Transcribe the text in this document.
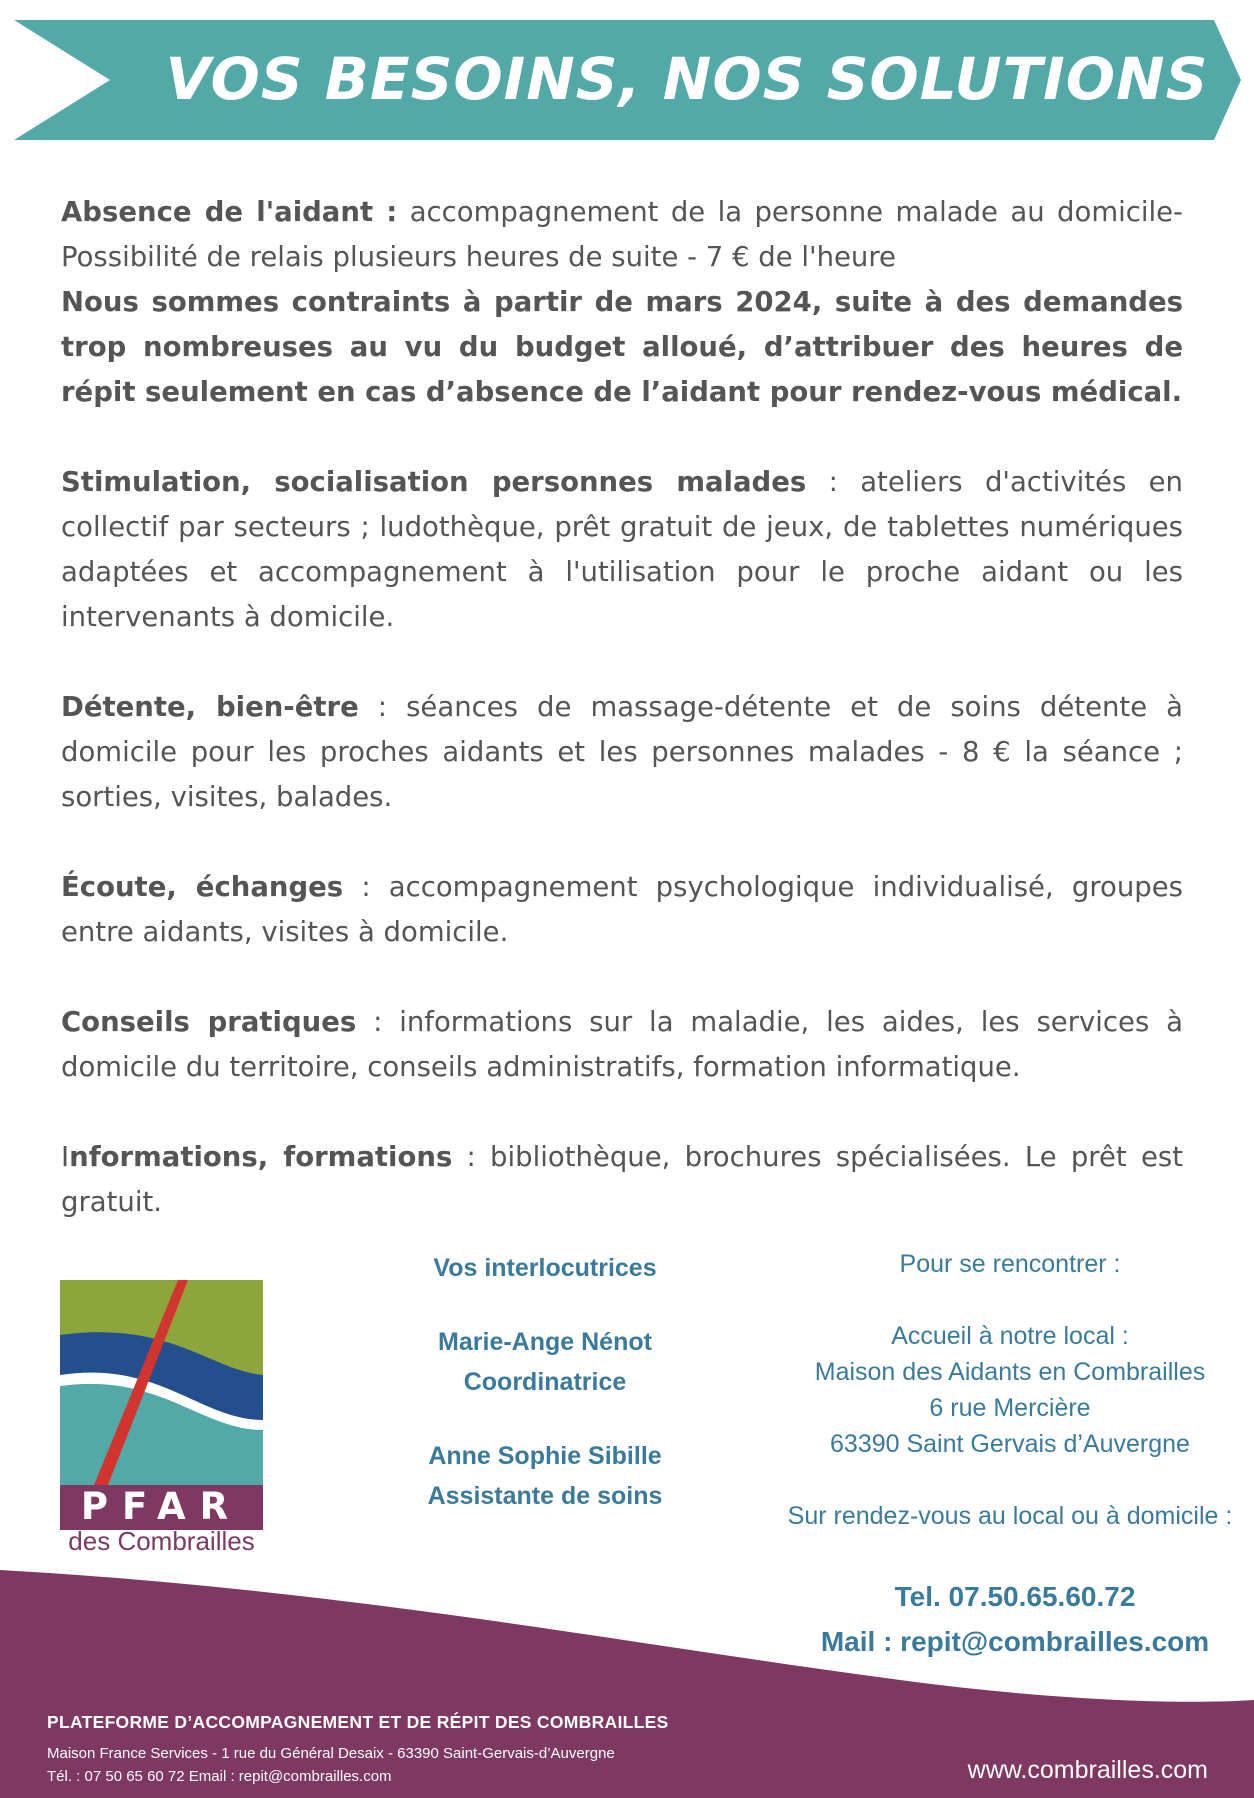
VOS BESOINS, NOS SOLUTIONS

Absence de l'aidant : accompagnement de la personne malade au domicile- Possibilité de relais plusieurs heures de suite - 7 € de l'heure
Nous sommes contraints à partir de mars 2024, suite à des demandes trop nombreuses au vu du budget alloué, d’attribuer des heures de répit seulement en cas d’absence de l’aidant pour rendez-vous médical.

Stimulation, socialisation personnes malades : ateliers d'activités en collectif par secteurs ; ludothèque, prêt gratuit de jeux, de tablettes numériques adaptées et accompagnement à l'utilisation pour le proche aidant ou les intervenants à domicile.

Détente, bien-être : séances de massage-détente et de soins détente à domicile pour les proches aidants et les personnes malades - 8 € la séance ; sorties, visites, balades.

Écoute, échanges : accompagnement psychologique individualisé, groupes entre aidants, visites à domicile.

Conseils pratiques : informations sur la maladie, les aides, les services à domicile du territoire, conseils administratifs, formation informatique.

Informations, formations : bibliothèque, brochures spécialisées. Le prêt est gratuit.

PFAR
des Combrailles
Vos interlocutrices
Marie-Ange Nénot
Coordinatrice
Anne Sophie Sibille
Assistante de soins
Pour se rencontrer :
Accueil à notre local :
Maison des Aidants en Combrailles
6 rue Mercière
63390 Saint Gervais d’Auvergne
Sur rendez-vous au local ou à domicile :
PLATEFORME D’ACCOMPAGNEMENT ET DE RÉPIT DES COMBRAILLES
Maison France Services - 1 rue du Général Desaix - 63390 Saint-Gervais-d’Auvergne
Tél. : 07 50 65 60 72 Email : repit@combrailles.com	www.combrailles.com
Tel. 07.50.65.60.72
Mail : repit@combrailles.com
